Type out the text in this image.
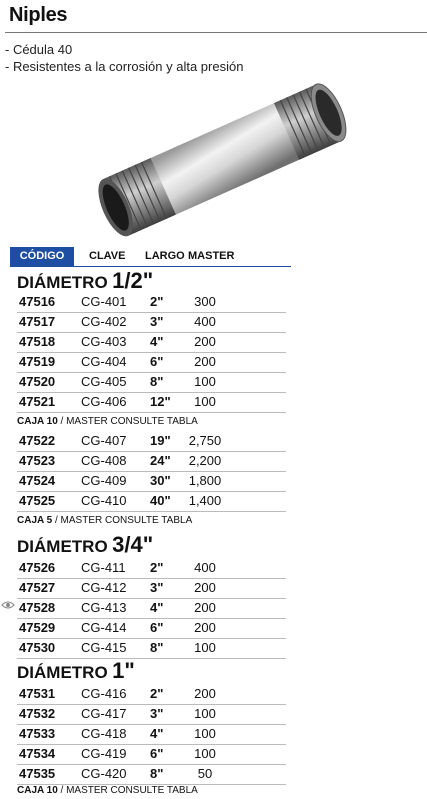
Niples
- Cédula 40
- Resistentes a la corrosión y alta presión
CÓDIGO	CLAVE LARGO MASTER
DIÁMETRO 1/2"
47516 CG-401 2"	300
47517 CG-402 3"	400
47518 CG-403 4"	200
47519 CG-404 6"	200
47520 CG-405 8"	100
47521 CG-406 12"	100
CAJA 10 / MASTER CONSULTE TABLA
47522 CG-407 19" 2,750
47523 CG-408 24" 2,200
47524 CG-409 30" 1,800
47525 CG-410 40" 1,400
CAJA 5 / MASTER CONSULTE TABLA
DIÁMETRO 3/4"
47526 CG-411 2"	400
47527 CG-412 3"	200
47528 CG-413 4"	200
47529 CG-414 6"	200
47530 CG-415 8"	100
DIÁMETRO 1"
47531 CG-416 2"	200
47532 CG-417 3"	100
47533 CG-418 4"	100
47534 CG-419 6"	100
47535 CG-420 8"	50
CAJA 10 / MASTER CONSULTE TABLA
